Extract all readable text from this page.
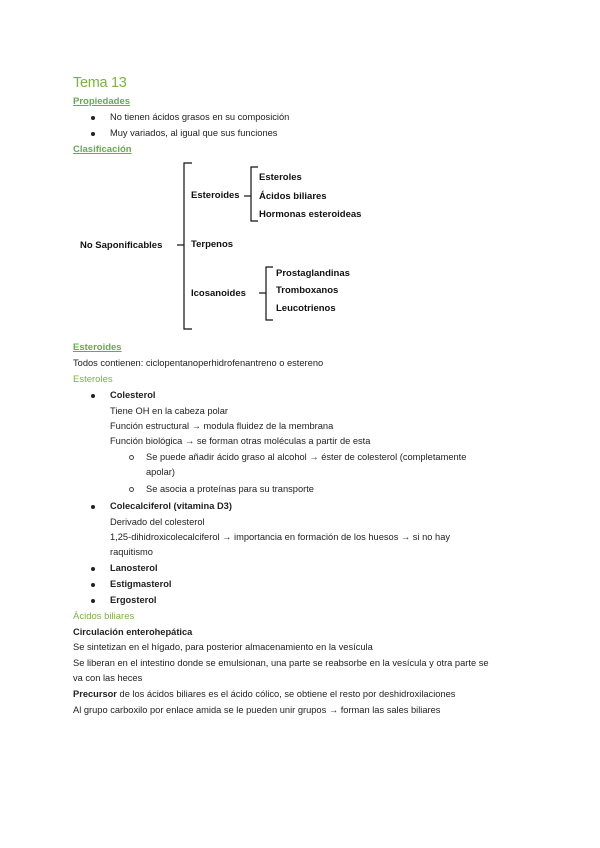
Tema 13
Propiedades
No tienen ácidos grasos en su composición
Muy variados, al igual que sus funciones
Clasificación
No Saponificables
Esteroides
Esteroles
Ácidos biliares
Hormonas esteroideas
Terpenos
Icosanoides
Prostaglandinas
Tromboxanos
Leucotrienos
Esteroides
Todos contienen: ciclopentanoperhidrofenantreno o estereno
Esteroles
Colesterol
Tiene OH en la cabeza polar
Función estructural → modula fluidez de la membrana
Función biológica → se forman otras moléculas a partir de esta
Se puede añadir ácido graso al alcohol → éster de colesterol (completamente
apolar)
Se asocia a proteínas para su transporte
Colecalciferol (vitamina D3)
Derivado del colesterol
1,25-dihidroxicolecalciferol → importancia en formación de los huesos → si no hay
raquitismo
Lanosterol
Estigmasterol
Ergosterol
Ácidos biliares
Circulación enterohepática
Se sintetizan en el hígado, para posterior almacenamiento en la vesícula
Se liberan en el intestino donde se emulsionan, una parte se reabsorbe en la vesícula y otra parte se
va con las heces
Precursor de los ácidos biliares es el ácido cólico, se obtiene el resto por deshidroxilaciones
Al grupo carboxilo por enlace amida se le pueden unir grupos → forman las sales biliares
